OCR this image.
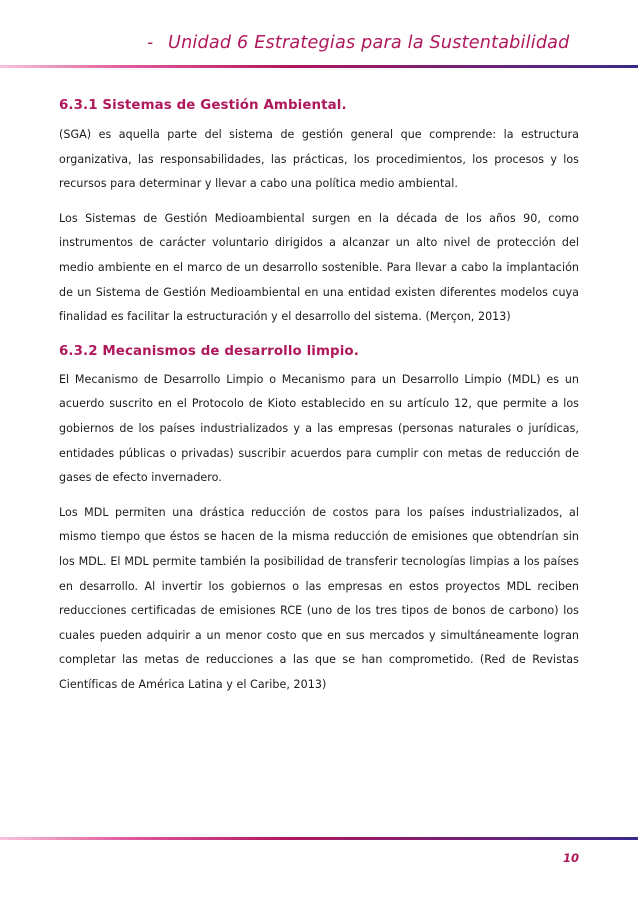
- Unidad 6 Estrategias para la Sustentabilidad
6.3.1 Sistemas de Gestión Ambiental.

(SGA) es aquella parte del sistema de gestión general que comprende: la estructura organizativa, las responsabilidades, las prácticas, los procedimientos, los procesos y los recursos para determinar y llevar a cabo una política medio ambiental.

Los Sistemas de Gestión Medioambiental surgen en la década de los años 90, como instrumentos de carácter voluntario dirigidos a alcanzar un alto nivel de protección del medio ambiente en el marco de un desarrollo sostenible. Para llevar a cabo la implantación de un Sistema de Gestión Medioambiental en una entidad existen diferentes modelos cuya finalidad es facilitar la estructuración y el desarrollo del sistema. (Merçon, 2013)

6.3.2 Mecanismos de desarrollo limpio.

El Mecanismo de Desarrollo Limpio o Mecanismo para un Desarrollo Limpio (MDL) es un acuerdo suscrito en el Protocolo de Kioto establecido en su artículo 12, que permite a los gobiernos de los países industrializados y a las empresas (personas naturales o jurídicas, entidades públicas o privadas) suscribir acuerdos para cumplir con metas de reducción de gases de efecto invernadero.

Los MDL permiten una drástica reducción de costos para los países industrializados, al mismo tiempo que éstos se hacen de la misma reducción de emisiones que obtendrían sin los MDL. El MDL permite también la posibilidad de transferir tecnologías limpias a los países en desarrollo. Al invertir los gobiernos o las empresas en estos proyectos MDL reciben reducciones certificadas de emisiones RCE (uno de los tres tipos de bonos de carbono) los cuales pueden adquirir a un menor costo que en sus mercados y simultáneamente logran completar las metas de reducciones a las que se han comprometido. (Red de Revistas Científicas de América Latina y el Caribe, 2013)

10
